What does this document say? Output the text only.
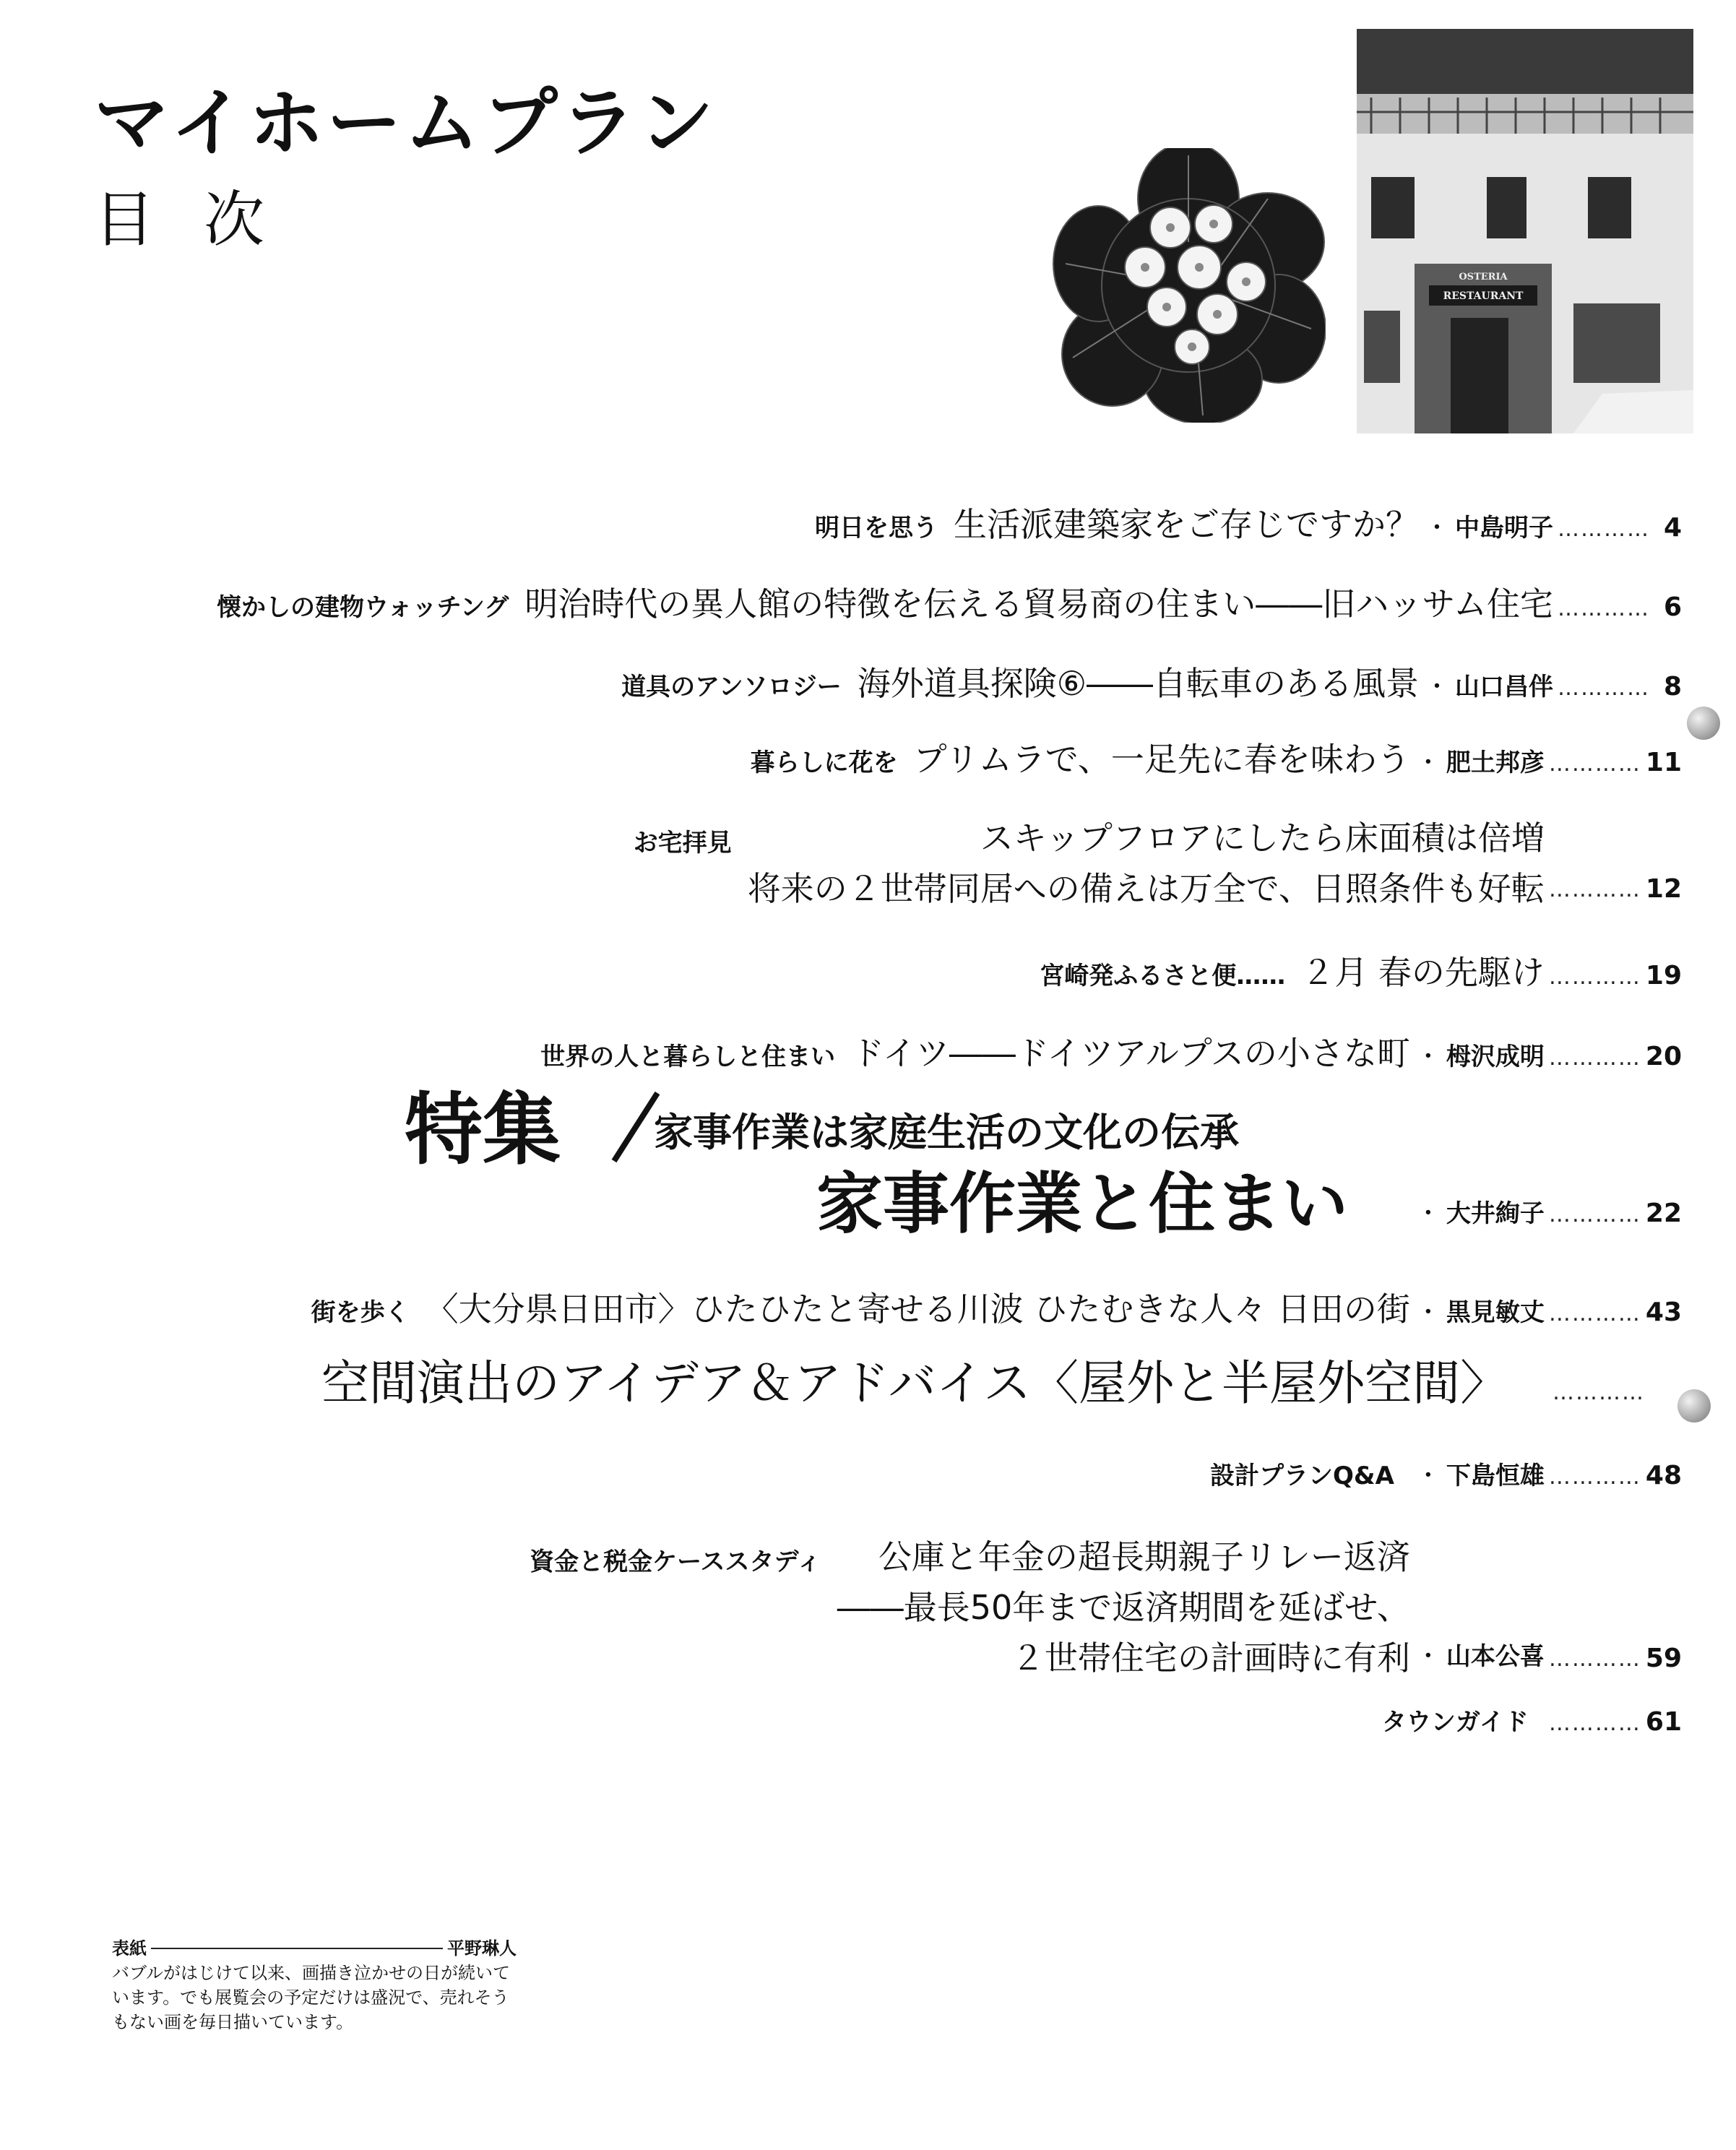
マイホームプラン
目次
OSTERIA
RESTAURANT
明日を思う 生活派建築家をご存じですか？ ・ 中島明子 ………… 4
懐かしの建物ウォッチング 明治時代の異人館の特徴を伝える貿易商の住まい――旧ハッサム住宅 ………… 6
道具のアンソロジー 海外道具探険⑥――自転車のある風景 ・ 山口昌伴 ………… 8
暮らしに花を プリムラで、一足先に春を味わう ・ 肥土邦彦 ………… 11
お宅拝見	スキップフロアにしたら床面積は倍増
将来の２世帯同居への備えは万全で、日照条件も好転 ………… 12
宮崎発ふるさと便…… ２月 春の先駆け ………… 19
世界の人と暮らしと住まい ドイツ――ドイツアルプスの小さな町 ・ 栂沢成明 ………… 20
特集 家事作業は家庭生活の文化の伝承
家事作業と住まい	・ 大井絢子 ………… 22
街を歩く 〈大分県日田市〉ひたひたと寄せる川波 ひたむきな人々 日田の街 ・ 黒見敏丈 ………… 43
空間演出のアイデア＆アドバイス〈屋外と半屋外空間〉 …………
設計プランQ&A ・ 下島恒雄 ………… 48
資金と税金ケーススタディ 公庫と年金の超長期親子リレー返済
――最長50年まで返済期間を延ばせ、
２世帯住宅の計画時に有利 ・ 山本公喜 ………… 59
タウンガイド ………… 61
表紙	平野琳人
バブルがはじけて以来、画描き泣かせの日が続いています。でも展覧会の予定だけは盛況で、売れそうもない画を毎日描いています。
